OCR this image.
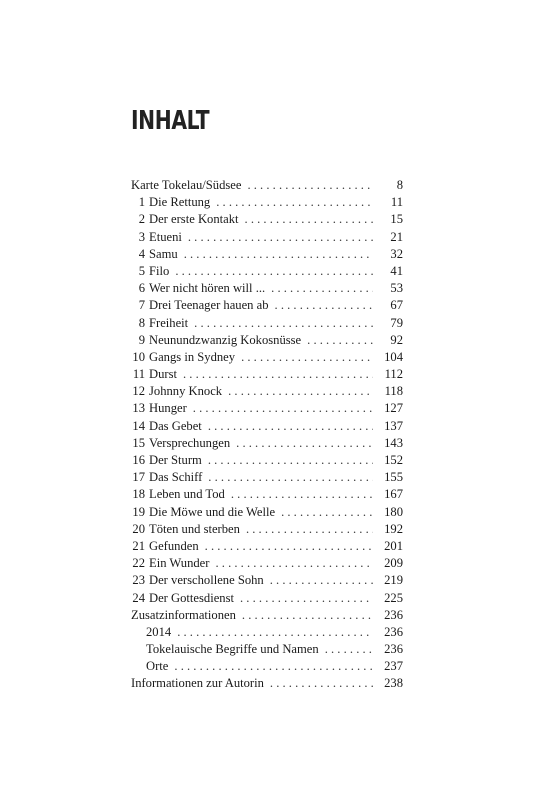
INHALT
Karte Tokelau/Südsee . . .	8
1 Die Rettung . . .	11
2 Der erste Kontakt . . .	15
3 Etueni . . .	21
4 Samu . . .	32
5 Filo . . .	41
6 Wer nicht hören will ... . . .	53
7 Drei Teenager hauen ab . . .	67
8 Freiheit . . .	79
9 Neunundzwanzig Kokosnüsse . . .	92
10 Gangs in Sydney . . .	104
11 Durst . . .	112
12 Johnny Knock . . .	118
13 Hunger . . .	127
14 Das Gebet . . .	137
15 Versprechungen . . .	143
16 Der Sturm . . .	152
17 Das Schiff . . .	155
18 Leben und Tod . . .	167
19 Die Möwe und die Welle . . .	180
20 Töten und sterben . . .	192
21 Gefunden . . .	201
22 Ein Wunder . . .	209
23 Der verschollene Sohn . . .	219
24 Der Gottesdienst . . .	225
Zusatzinformationen . . .	236
2014 . . .	236
Tokelauische Begriffe und Namen . . .	236
Orte . . .	237
Informationen zur Autorin . . .	238
